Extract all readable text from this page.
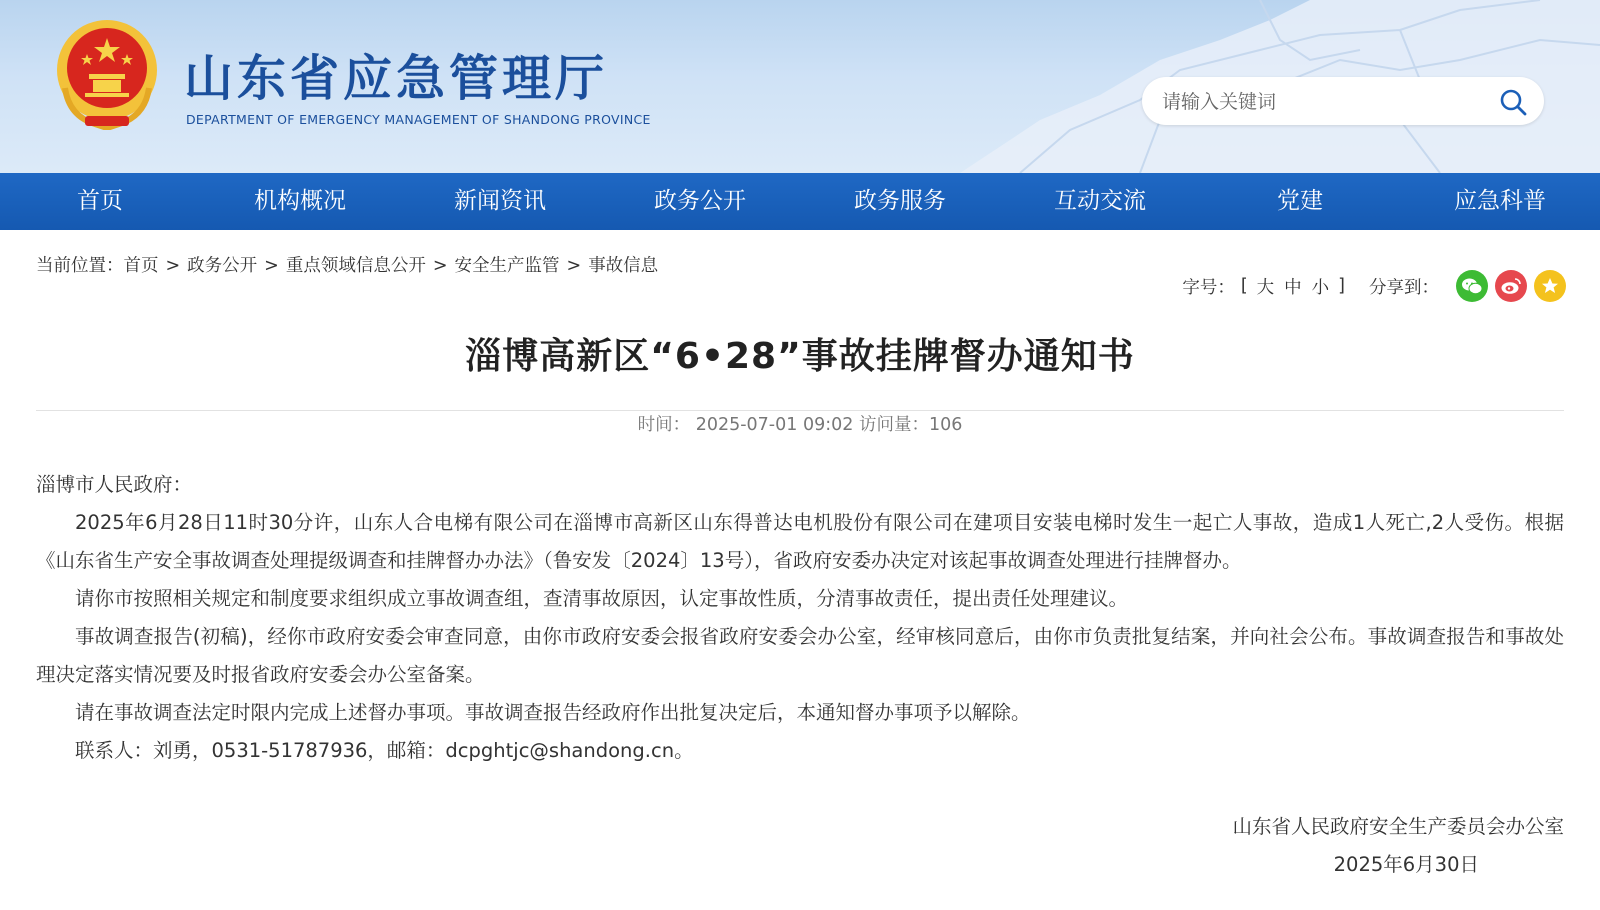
山东省应急管理厅
DEPARTMENT OF EMERGENCY MANAGEMENT OF SHANDONG PROVINCE
请输入关键词
首页	机构概况	新闻资讯	政务公开	政务服务	互动交流	党建	应急科普
当前位置：首页 > 政务公开 > 重点领域信息公开 > 安全生产监管 > 事故信息
字号： [ 大 中 小 ] 分享到：
淄博高新区“6•28”事故挂牌督办通知书
时间： 2025-07-01 09:02 访问量：106

淄博市人民政府：

2025年6月28日11时30分许，山东人合电梯有限公司在淄博市高新区山东得普达电机股份有限公司在建项目安装电梯时发生一起亡人事故，造成1人死亡,2人受伤。根据《山东省生产安全事故调查处理提级调查和挂牌督办办法》（鲁安发〔2024〕13号），省政府安委办决定对该起事故调查处理进行挂牌督办。

请你市按照相关规定和制度要求组织成立事故调查组，查清事故原因，认定事故性质，分清事故责任，提出责任处理建议。

事故调查报告(初稿)，经你市政府安委会审查同意，由你市政府安委会报省政府安委会办公室，经审核同意后，由你市负责批复结案，并向社会公布。事故调查报告和事故处理决定落实情况要及时报省政府安委会办公室备案。

请在事故调查法定时限内完成上述督办事项。事故调查报告经政府作出批复决定后，本通知督办事项予以解除。

联系人：刘勇，0531-51787936，邮箱：dcpghtjc@shandong.cn。

山东省人民政府安全生产委员会办公室
2025年6月30日
